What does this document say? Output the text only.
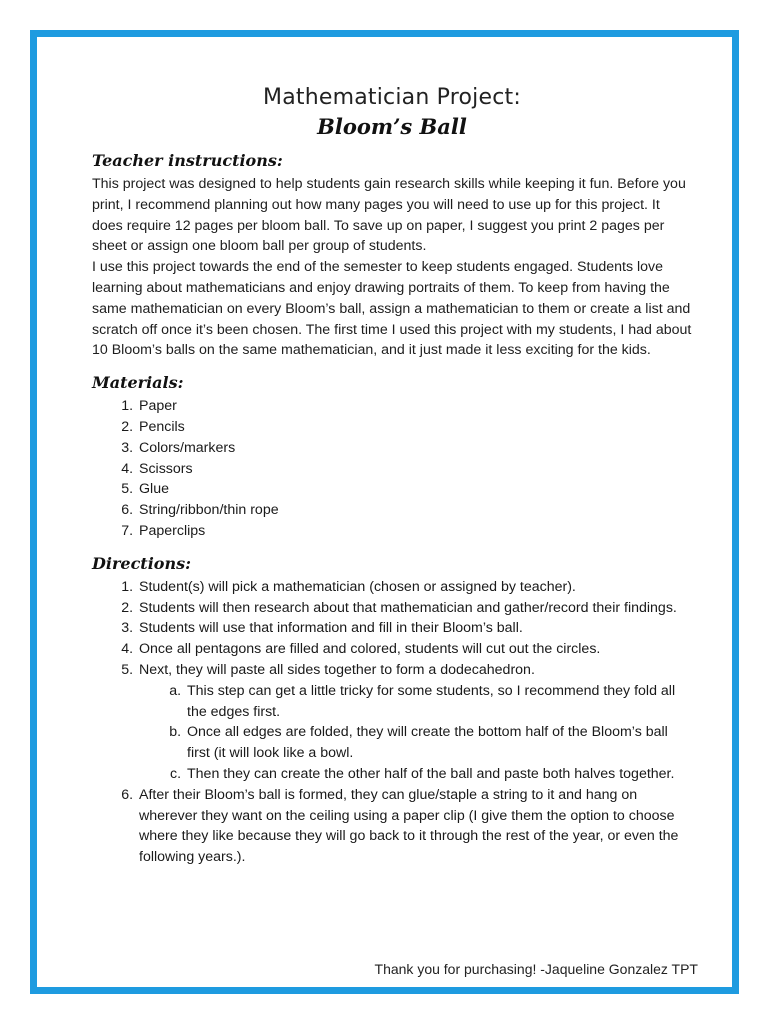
Mathematician Project:
Bloom’s Ball
Teacher instructions:

This project was designed to help students gain research skills while keeping it fun. Before you print, I recommend planning out how many pages you will need to use up for this project. It does require 12 pages per bloom ball. To save up on paper, I suggest you print 2 pages per sheet or assign one bloom ball per group of students.

I use this project towards the end of the semester to keep students engaged. Students love learning about mathematicians and enjoy drawing portraits of them. To keep from having the same mathematician on every Bloom’s ball, assign a mathematician to them or create a list and scratch off once it’s been chosen. The first time I used this project with my students, I had about 10 Bloom’s balls on the same mathematician, and it just made it less exciting for the kids.

Materials:
1. Paper
2. Pencils
3. Colors/markers
4. Scissors
5. Glue
6. String/ribbon/thin rope
7. Paperclips
Directions:
1. Student(s) will pick a mathematician (chosen or assigned by teacher).
2. Students will then research about that mathematician and gather/record their findings.
3. Students will use that information and fill in their Bloom’s ball.
4. Once all pentagons are filled and colored, students will cut out the circles.
5. Next, they will paste all sides together to form a dodecahedron.
a. This step can get a little tricky for some students, so I recommend they fold all the edges first.
b. Once all edges are folded, they will create the bottom half of the Bloom’s ball first (it will look like a bowl.
c. Then they can create the other half of the ball and paste both halves together.
6. After their Bloom’s ball is formed, they can glue/staple a string to it and hang on wherever they want on the ceiling using a paper clip (I give them the option to choose where they like because they will go back to it through the rest of the year, or even the following years.).
Thank you for purchasing! -Jaqueline Gonzalez TPT
